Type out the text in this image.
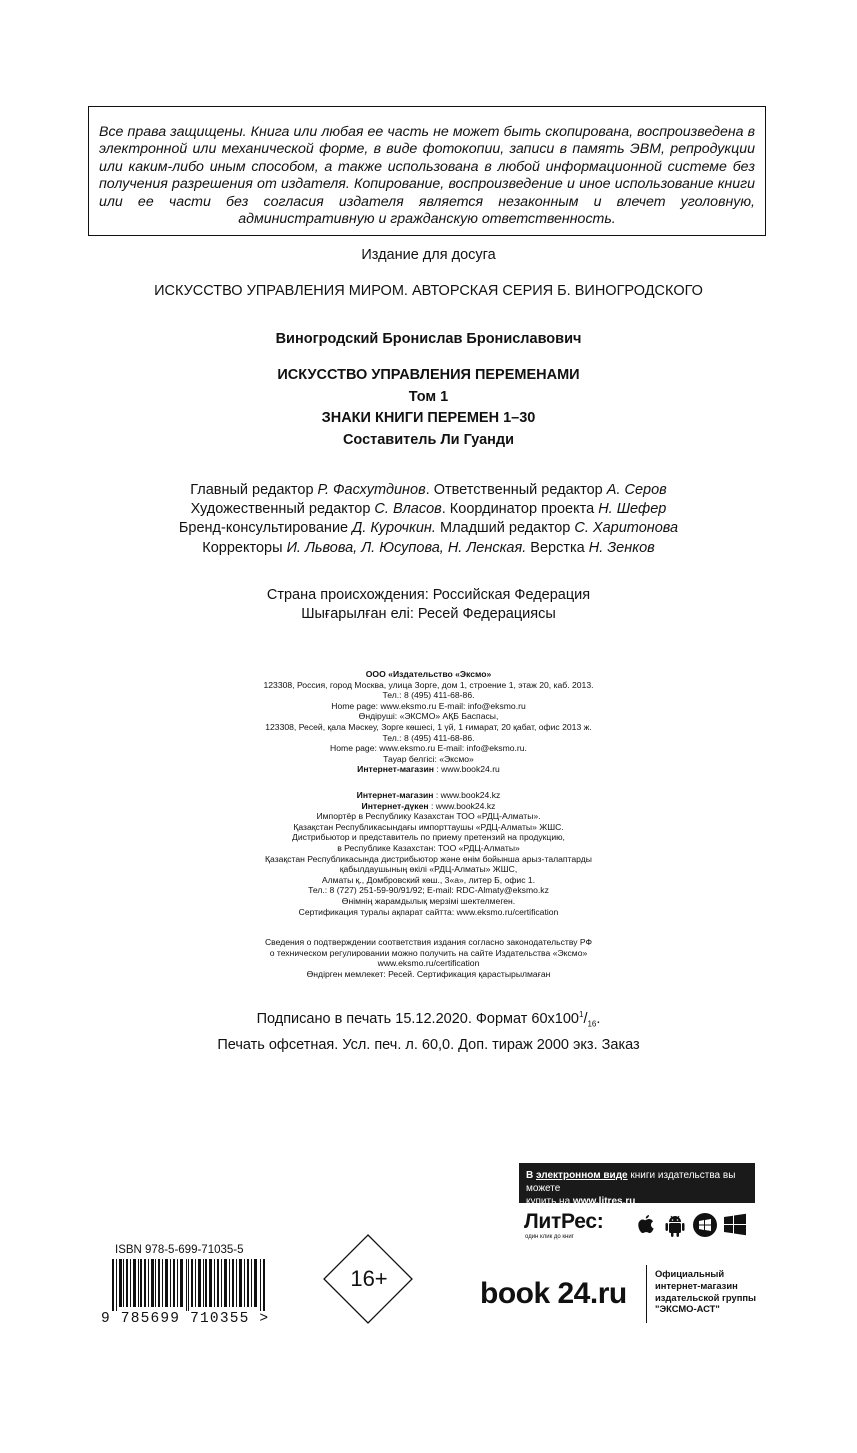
Все права защищены. Книга или любая ее часть не может быть скопирована, воспроизведена в электронной или механической форме, в виде фотокопии, записи в память ЭВМ, репродукции или каким-либо иным способом, а также использована в любой информационной системе без получения разрешения от издателя. Копирование, воспроизведение и иное использование книги или ее части без согласия издателя является незаконным и влечет уголовную, административную и гражданскую ответственность.

Издание для досуга
ИСКУССТВО УПРАВЛЕНИЯ МИРОМ. АВТОРСКАЯ СЕРИЯ Б. ВИНОГРОДСКОГО
Виногродский Бронислав Брониславович
ИСКУССТВО УПРАВЛЕНИЯ ПЕРЕМЕНАМИ
Том 1
ЗНАКИ КНИГИ ПЕРЕМЕН 1–30
Составитель Ли Гуанди
Главный редактор Р. Фасхутдинов. Ответственный редактор А. Серов
Художественный редактор С. Власов. Координатор проекта Н. Шефер
Бренд-консультирование Д. Курочкин. Младший редактор С. Харитонова
Корректоры И. Львова, Л. Юсупова, Н. Ленская. Верстка Н. Зенков
Страна происхождения: Российская Федерация
Шығарылған елі: Ресей Федерациясы
ООО «Издательство «Эксмо»
123308, Россия, город Москва, улица Зорге, дом 1, строение 1, этаж 20, каб. 2013.
Тел.: 8 (495) 411-68-86.
Home page: www.eksmo.ru E-mail: info@eksmo.ru
Өндіруші: «ЭКСМО» АҚБ Баспасы,
123308, Ресей, қала Мәскеу, Зорге көшесі, 1 үй, 1 ғимарат, 20 қабат, офис 2013 ж.
Тел.: 8 (495) 411-68-86.
Home page: www.eksmo.ru E-mail: info@eksmo.ru.
Тауар белгісі: «Эксмо»
Интернет-магазин : www.book24.ru
Интернет-магазин : www.book24.kz
Интернет-дүкен : www.book24.kz
Импортёр в Республику Казахстан ТОО «РДЦ-Алматы».
Қазақстан Республикасындағы импорттаушы «РДЦ-Алматы» ЖШС.
Дистрибьютор и представитель по приему претензий на продукцию,
в Республике Казахстан: ТОО «РДЦ-Алматы»
Қазақстан Республикасында дистрибьютор және өнім бойынша арыз-талаптарды
қабылдаушының өкілі «РДЦ-Алматы» ЖШС,
Алматы қ., Домбровский көш., 3«а», литер Б, офис 1.
Тел.: 8 (727) 251-59-90/91/92; E-mail: RDC-Almaty@eksmo.kz
Өнімнің жарамдылық мерзімі шектелмеген.
Сертификация туралы ақпарат сайтта: www.eksmo.ru/certification
Сведения о подтверждении соответствия издания согласно законодательству РФ
о техническом регулировании можно получить на сайте Издательства «Эксмо»
www.eksmo.ru/certification
Өндірген мемлекет: Ресей. Сертификация қарастырылмаған
Подписано в печать 15.12.2020. Формат $60х100^1/_{16}$.
Печать офсетная. Усл. печ. л. 60,0. Доп. тираж 2000 экз. Заказ
В электронном виде книги издательства вы можете
купить на www.litres.ru
ЛитРес:
один клик до книг
book 24.ru
Официальный
интернет-магазин
издательской группы
"ЭКСМО-АСТ"
ISBN 978-5-699-71035-5
9 785699 710355 >
16+
